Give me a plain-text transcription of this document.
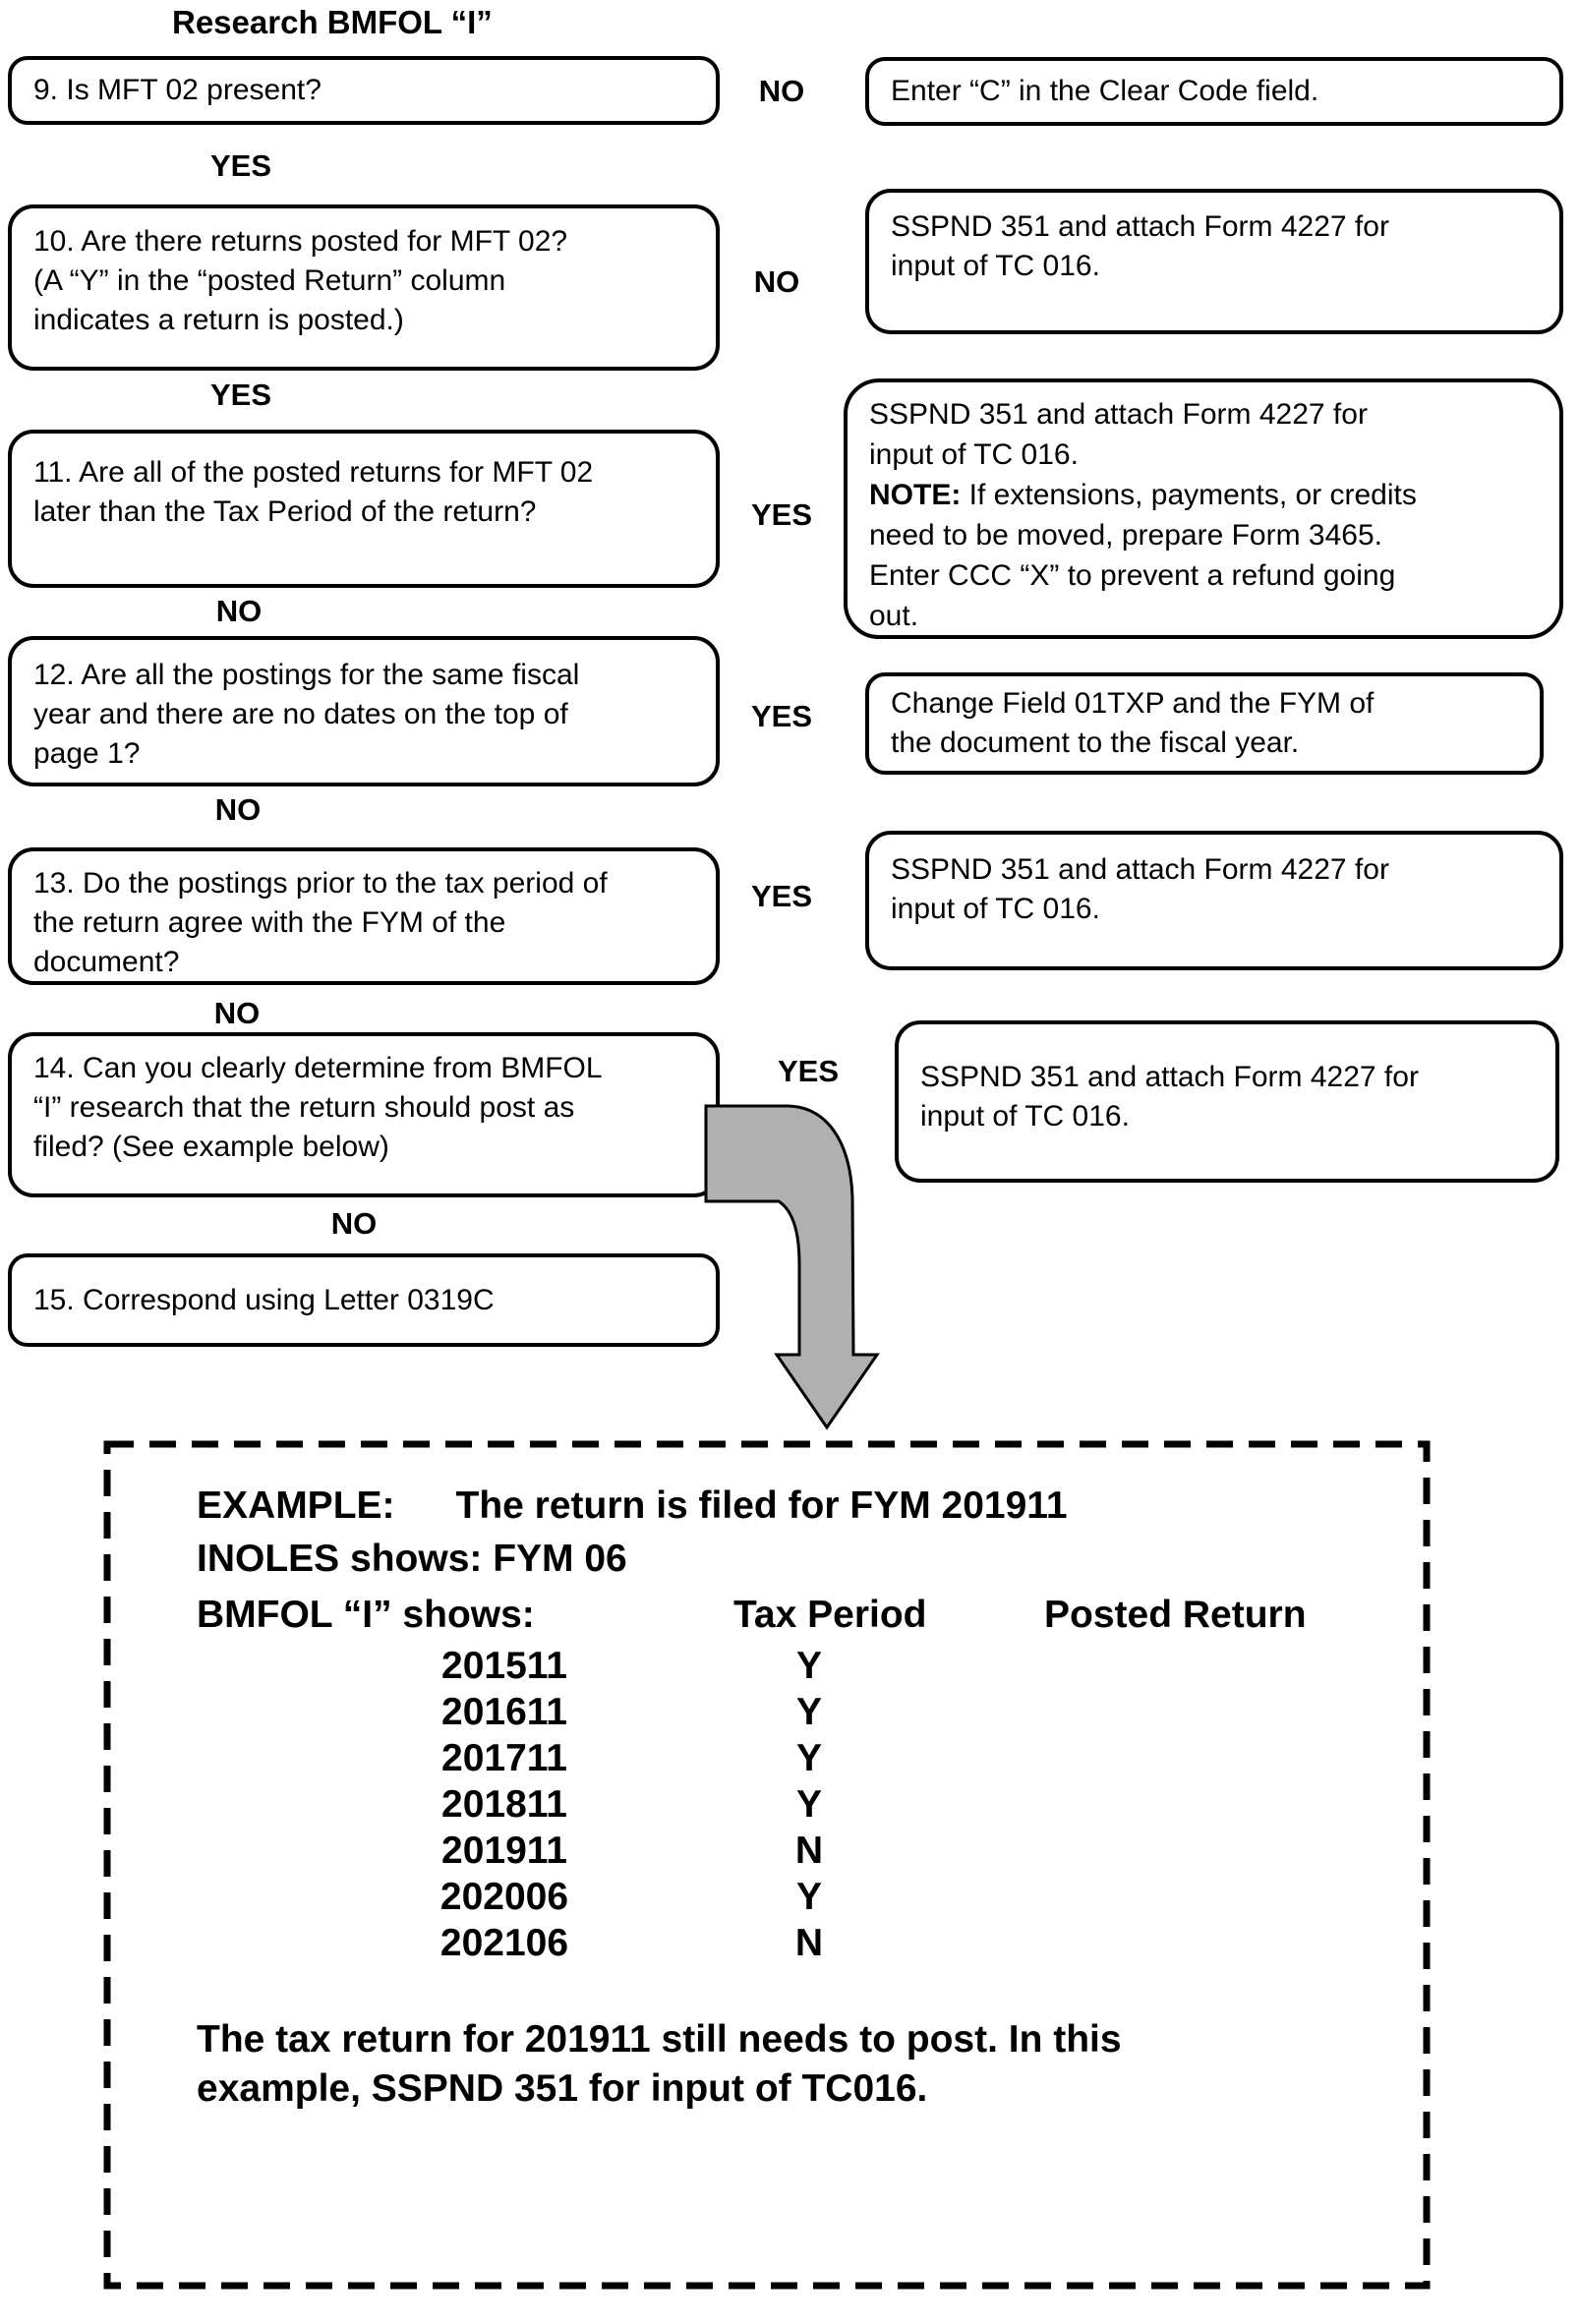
Research BMFOL “I”
9. Is MFT 02 present?
10. Are there returns posted for MFT 02?
(A “Y” in the “posted Return” column
indicates a return is posted.)
11. Are all of the posted returns for MFT 02
later than the Tax Period of the return?
12. Are all the postings for the same fiscal
year and there are no dates on the top of
page 1?
13. Do the postings prior to the tax period of
the return agree with the FYM of the
document?
14. Can you clearly determine from BMFOL
“I” research that the return should post as
filed? (See example below)
15. Correspond using Letter 0319C
YES
YES
NO
NO
NO
NO
NO
NO
YES
YES
YES
YES
Enter “C” in the Clear Code field.
SSPND 351 and attach Form 4227 for
input of TC 016.
SSPND 351 and attach Form 4227 for
input of TC 016.
NOTE: If extensions, payments, or credits
need to be moved, prepare Form 3465.
Enter CCC “X” to prevent a refund going
out.
Change Field 01TXP and the FYM of
the document to the fiscal year.
SSPND 351 and attach Form 4227 for
input of TC 016.
SSPND 351 and attach Form 4227 for
input of TC 016.
EXAMPLE: The return is filed for FYM 201911
INOLES shows: FYM 06
BMFOL “I” shows:	Tax Period	Posted Return
201511
201611
201711
201811
201911
202006
202106
Y
Y
Y
Y
N
Y
N
The tax return for 201911 still needs to post. In this
example, SSPND 351 for input of TC016.
